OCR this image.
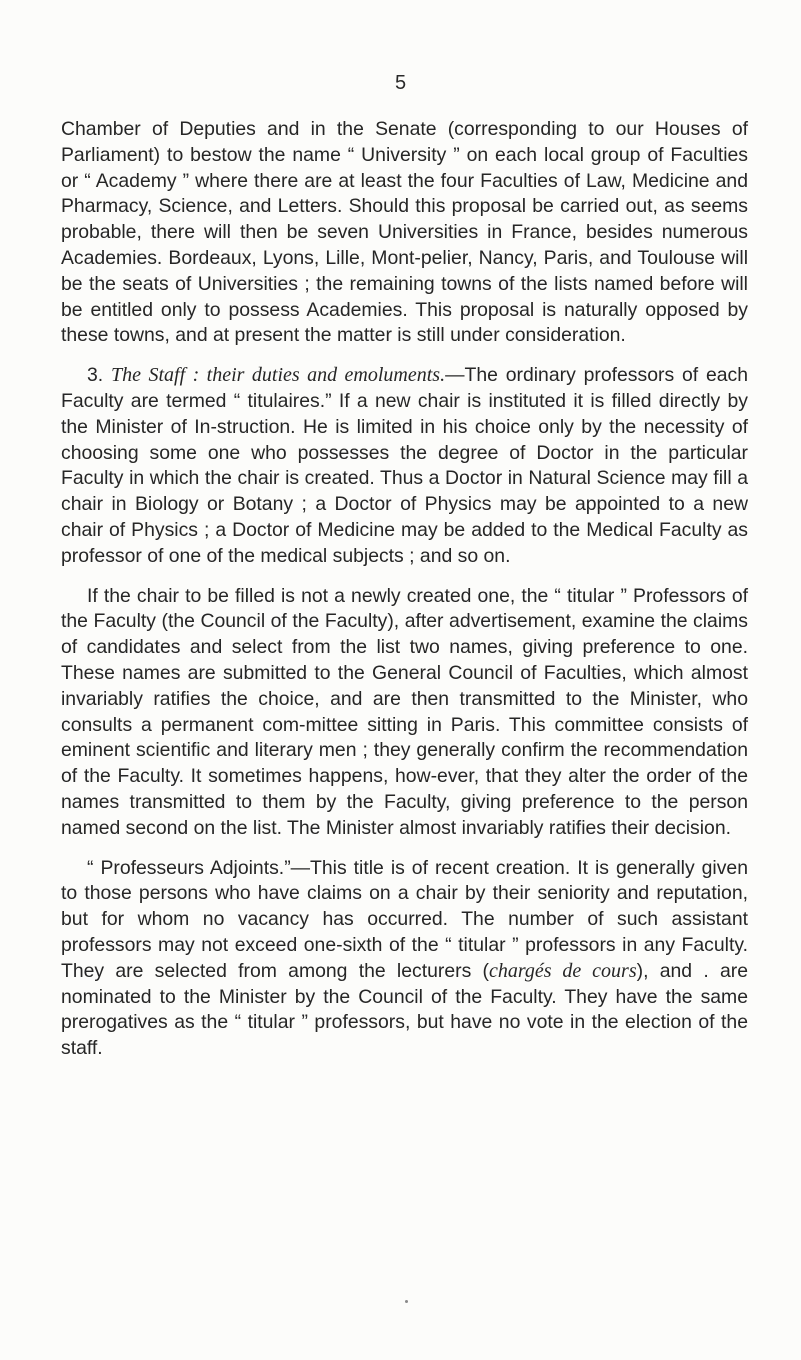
5

Chamber of Deputies and in the Senate (corresponding to our Houses of Parliament) to bestow the name “ University ” on each local group of Faculties or “ Academy ” where there are at least the four Faculties of Law, Medicine and Pharmacy, Science, and Letters. Should this proposal be carried out, as seems probable, there will then be seven Universities in France, besides numerous Academies. Bordeaux, Lyons, Lille, Mont-pelier, Nancy, Paris, and Toulouse will be the seats of Universities ; the remaining towns of the lists named before will be entitled only to possess Academies. This proposal is naturally opposed by these towns, and at present the matter is still under consideration.

3. The Staff : their duties and emoluments.—The ordinary professors of each Faculty are termed “ titulaires.” If a new chair is instituted it is filled directly by the Minister of In-struction. He is limited in his choice only by the necessity of choosing some one who possesses the degree of Doctor in the particular Faculty in which the chair is created. Thus a Doctor in Natural Science may fill a chair in Biology or Botany ; a Doctor of Physics may be appointed to a new chair of Physics ; a Doctor of Medicine may be added to the Medical Faculty as professor of one of the medical subjects ; and so on.

If the chair to be filled is not a newly created one, the “ titular ” Professors of the Faculty (the Council of the Faculty), after advertisement, examine the claims of candidates and select from the list two names, giving preference to one. These names are submitted to the General Council of Faculties, which almost invariably ratifies the choice, and are then transmitted to the Minister, who consults a permanent com-mittee sitting in Paris. This committee consists of eminent scientific and literary men ; they generally confirm the recommendation of the Faculty. It sometimes happens, how-ever, that they alter the order of the names transmitted to them by the Faculty, giving preference to the person named second on the list. The Minister almost invariably ratifies their decision.

“ Professeurs Adjoints.”—This title is of recent creation. It is generally given to those persons who have claims on a chair by their seniority and reputation, but for whom no vacancy has occurred. The number of such assistant professors may not exceed one-sixth of the “ titular ” professors in any Faculty. They are selected from among the lecturers (chargés de cours), and . are nominated to the Minister by the Council of the Faculty. They have the same prerogatives as the “ titular ” professors, but have no vote in the election of the staff.
